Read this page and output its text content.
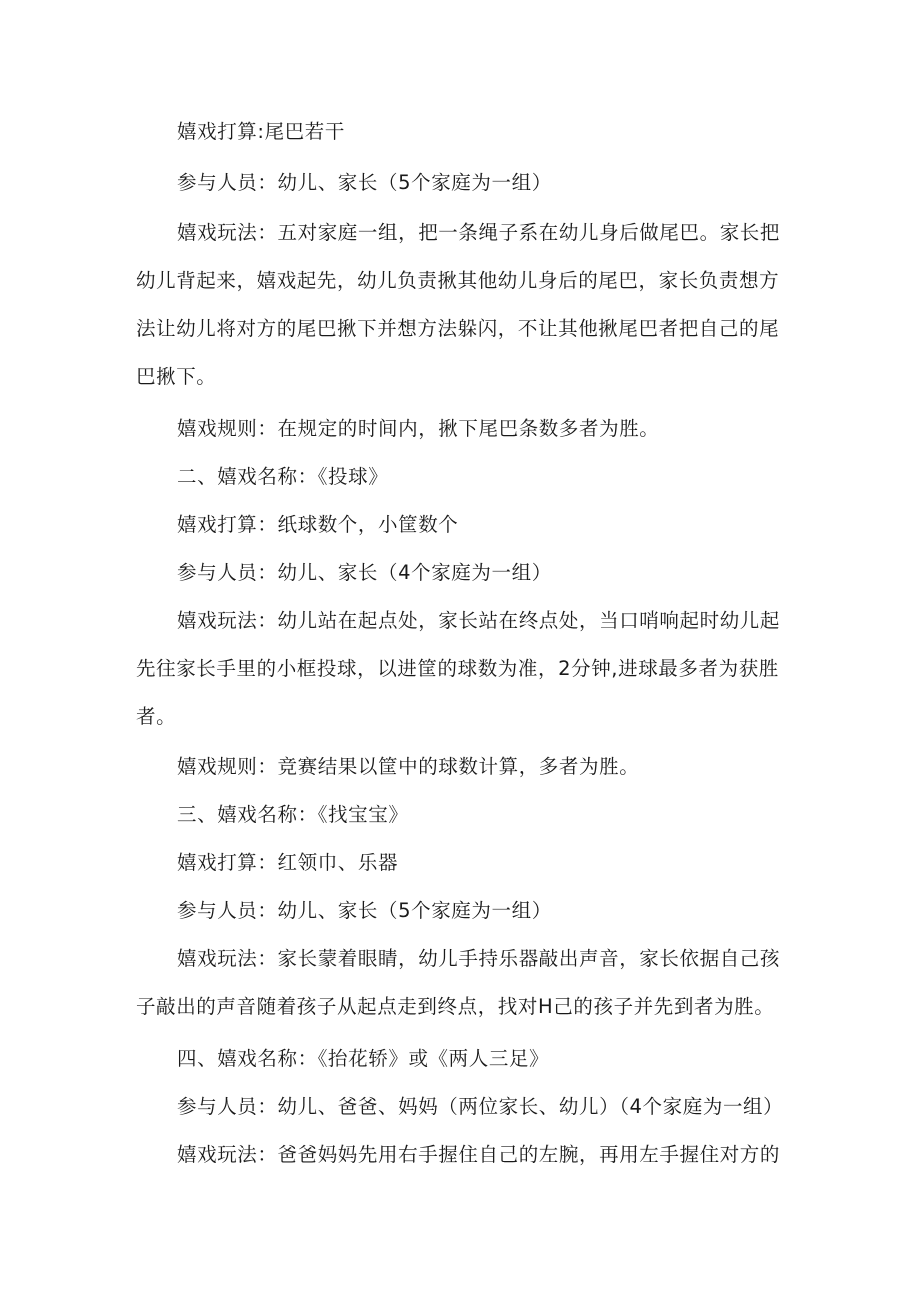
嬉戏打算:尾巴若干

参与人员：幼儿、家长（5个家庭为一组）

嬉戏玩法：五对家庭一组，把一条绳子系在幼儿身后做尾巴。家长把幼儿背起来，嬉戏起先，幼儿负责揪其他幼儿身后的尾巴，家长负责想方法让幼儿将对方的尾巴揪下并想方法躲闪，不让其他揪尾巴者把自己的尾巴揪下。

嬉戏规则：在规定的时间内，揪下尾巴条数多者为胜。

二、嬉戏名称：《投球》

嬉戏打算：纸球数个，小筐数个

参与人员：幼儿、家长（4个家庭为一组）

嬉戏玩法：幼儿站在起点处，家长站在终点处，当口哨响起时幼儿起先往家长手里的小框投球，以进筐的球数为准，2分钟,进球最多者为获胜者。

嬉戏规则：竞赛结果以筐中的球数计算，多者为胜。

三、嬉戏名称：《找宝宝》

嬉戏打算：红领巾、乐器

参与人员：幼儿、家长（5个家庭为一组）

嬉戏玩法：家长蒙着眼睛，幼儿手持乐器敲出声音，家长依据自己孩子敲出的声音随着孩子从起点走到终点，找对H己的孩子并先到者为胜。

四、嬉戏名称：《抬花轿》或《两人三足》

参与人员：幼儿、爸爸、妈妈（两位家长、幼儿）（4个家庭为一组）

嬉戏玩法：爸爸妈妈先用右手握住自己的左腕，再用左手握住对方的
